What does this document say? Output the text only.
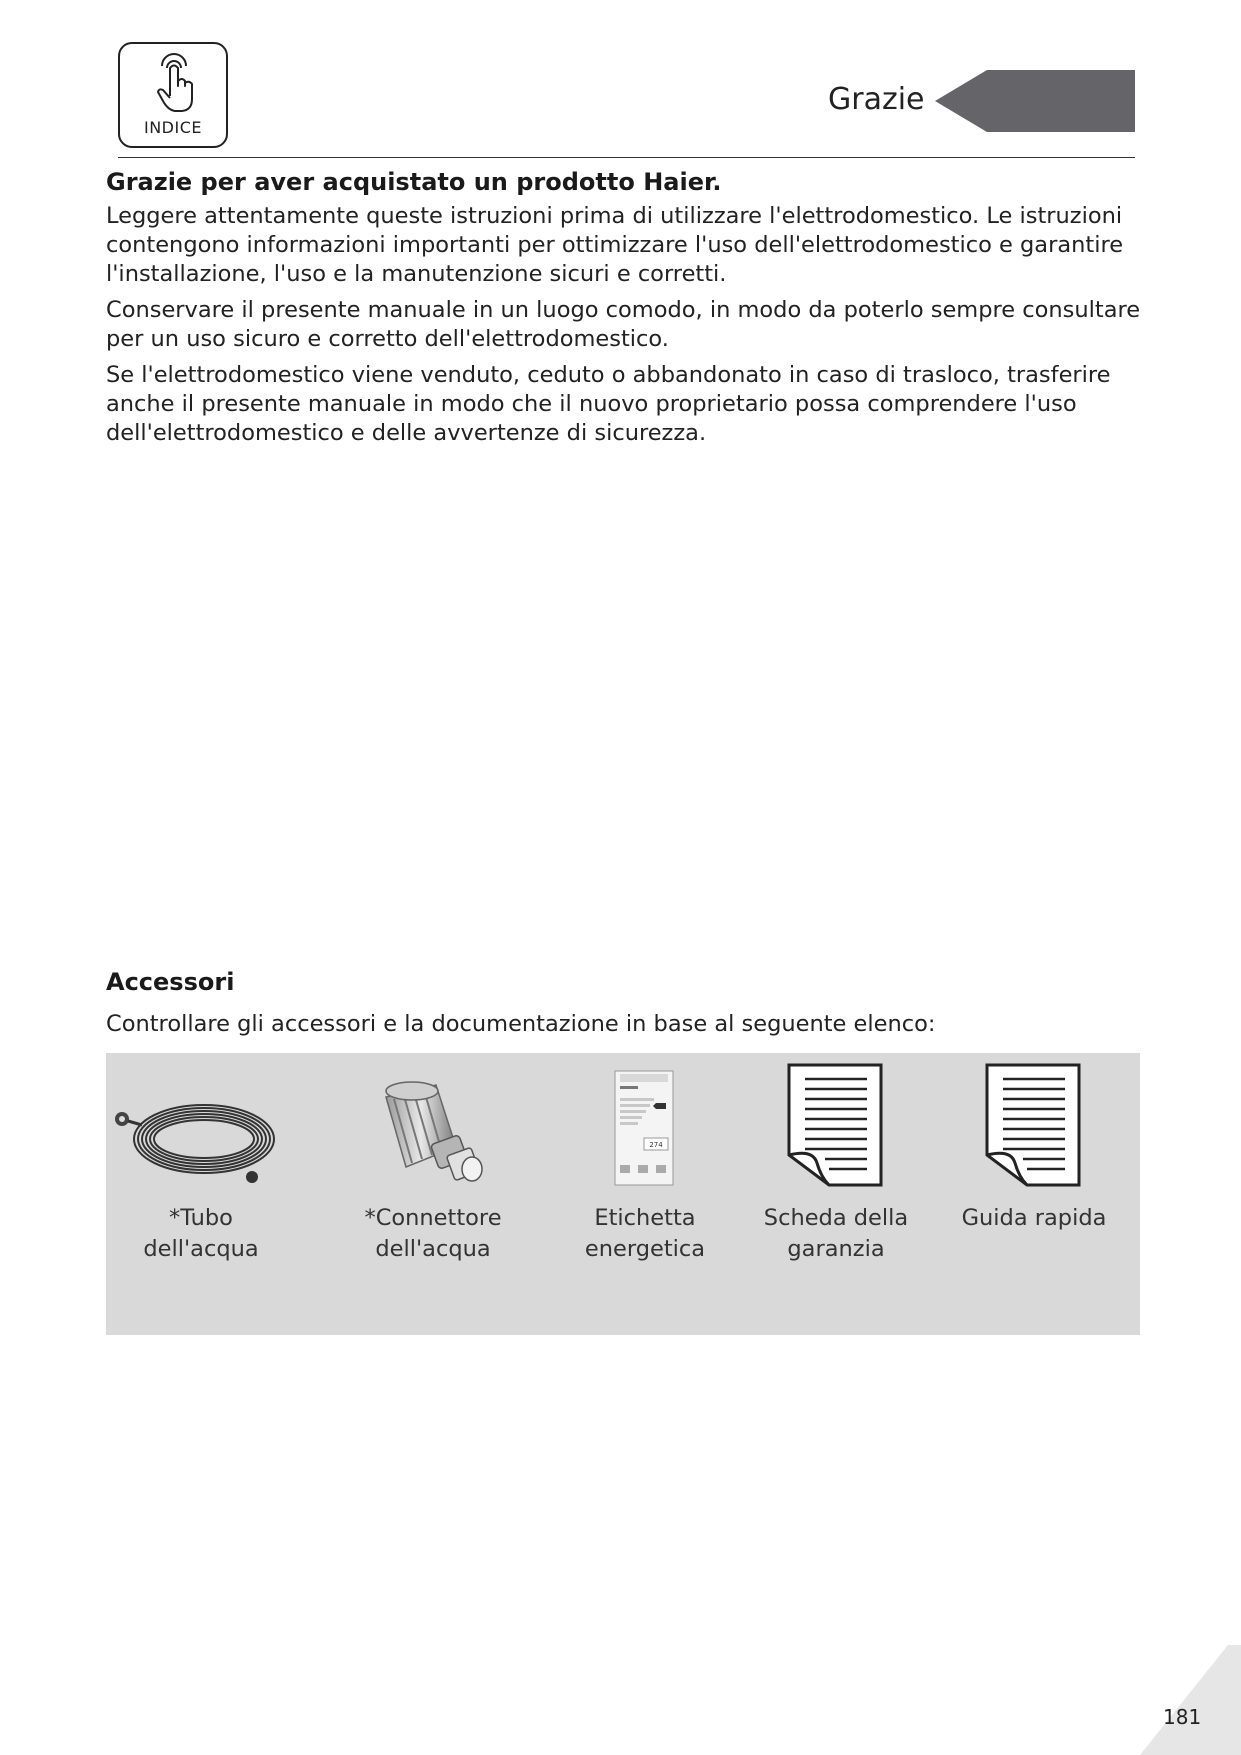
INDICE
Grazie
Grazie per aver acquistato un prodotto Haier.

Leggere attentamente queste istruzioni prima di utilizzare l'elettrodomestico. Le istruzioni contengono informazioni importanti per ottimizzare l'uso dell'elettrodomestico e garantire l'installazione, l'uso e la manutenzione sicuri e corretti.

Conservare il presente manuale in un luogo comodo, in modo da poterlo sempre consultare per un uso sicuro e corretto dell'elettrodomestico.

Se l'elettrodomestico viene venduto, ceduto o abbandonato in caso di trasloco, trasferire anche il presente manuale in modo che il nuovo proprietario possa comprendere l'uso dell'elettrodomestico e delle avvertenze di sicurezza.

Accessori
Controllare gli accessori e la documentazione in base al seguente elenco:
*Tubo
dell'acqua
*Connettore
dell'acqua
274
Etichetta
energetica
Scheda della
garanzia
Guida rapida
181
